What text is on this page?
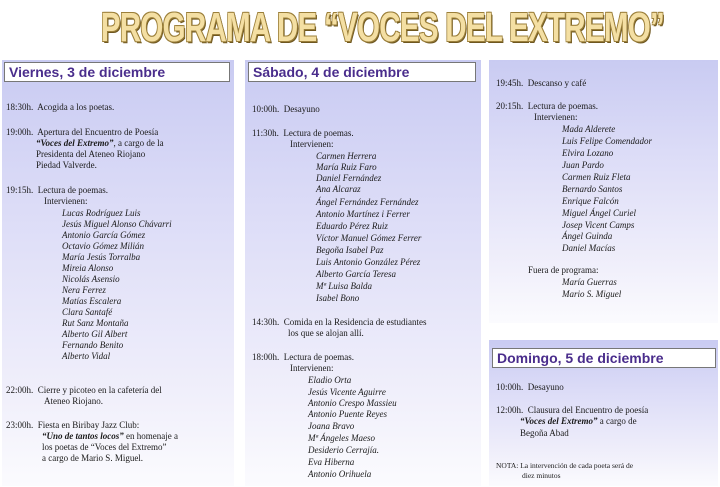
PROGRAMA DE “VOCES DEL EXTREMO”
Viernes, 3 de diciembre
18:30h. Acogida a los poetas.
19:00h. Apertura del Encuentro de Poesía
“Voces del Extremo”, a cargo de la
Presidenta del Ateneo Riojano
Piedad Valverde.
19:15h. Lectura de poemas.
Intervienen:
Lucas Rodríguez Luis
Jesús Miguel Alonso Chávarri
Antonio García Gómez
Octavio Gómez Milián
María Jesús Torralba
Mireia Alonso
Nicolás Asensio
Nera Ferrez
Matías Escalera
Clara Santafé
Rut Sanz Montaña
Alberto Gil Albert
Fernando Benito
Alberto Vidal
22:00h. Cierre y picoteo en la cafetería del
Ateneo Riojano.
23:00h. Fiesta en Biribay Jazz Club:
“Uno de tantos locos” en homenaje a
los poetas de “Voces del Extremo”
a cargo de Mario S. Miguel.
Sábado, 4 de diciembre
10:00h. Desayuno
11:30h. Lectura de poemas.
Intervienen:
Carmen Herrera
María Ruiz Faro
Daniel Fernández
Ana Alcaraz
Ángel Fernández Fernández
Antonio Martínez i Ferrer
Eduardo Pérez Ruiz
Víctor Manuel Gómez Ferrer
Begoña Isabel Paz
Luis Antonio González Pérez
Alberto García Teresa
Mª Luisa Balda
Isabel Bono
14:30h. Comida en la Residencia de estudiantes
los que se alojan allí.
18:00h. Lectura de poemas.
Intervienen:
Eladio Orta
Jesús Vicente Aguirre
Antonio Crespo Massieu
Antonio Puente Reyes
Joana Bravo
Mª Ángeles Maeso
Desiderio Cerrajía.
Eva Hiberna
Antonio Orihuela
19:45h. Descanso y café
20:15h. Lectura de poemas.
Intervienen:
Mada Alderete
Luis Felipe Comendador
Elvira Lozano
Juan Pardo
Carmen Ruiz Fleta
Bernardo Santos
Enrique Falcón
Miguel Ángel Curiel
Josep Vicent Camps
Ángel Guinda
Daniel Macías
Fuera de programa:
María Guerras
Mario S. Miguel
Domingo, 5 de diciembre
10:00h. Desayuno
12:00h. Clausura del Encuentro de poesía
“Voces del Extremo” a cargo de
Begoña Abad
NOTA: La intervención de cada poeta será de
diez minutos
